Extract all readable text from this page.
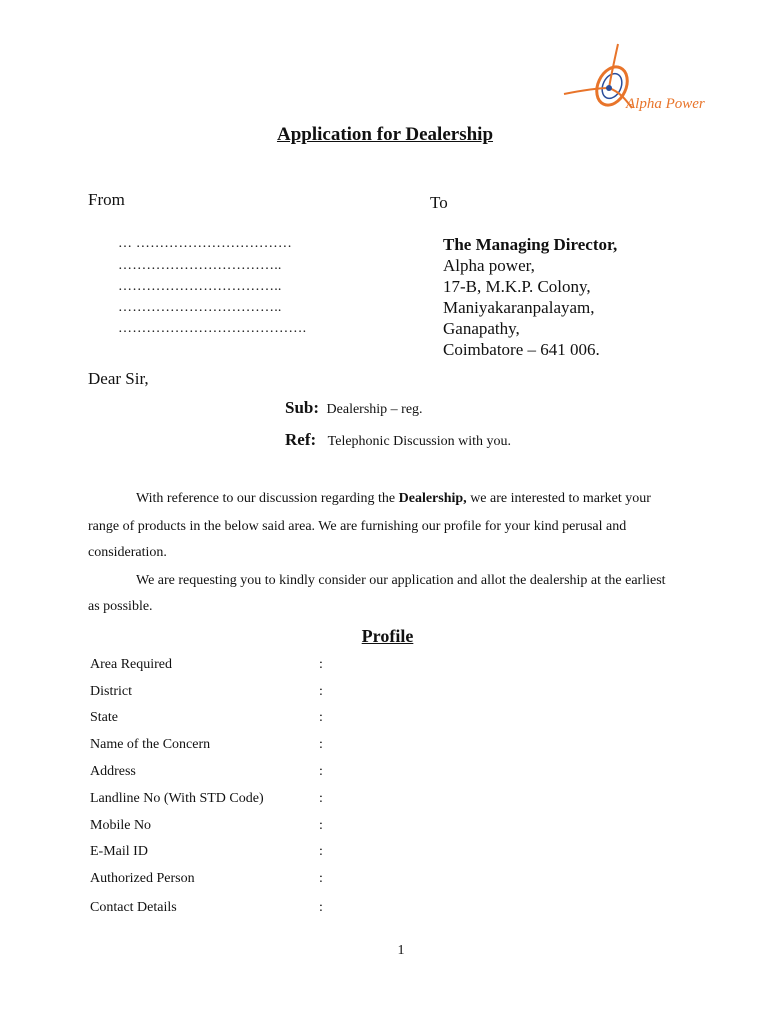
Alpha Power
Application for Dealership
From	To
… ……………………………
……………………………..
……………………………..
……………………………..
………………………………….
The Managing Director,
Alpha power,
17-B, M.K.P. Colony,
Maniyakaranpalayam,
Ganapathy,
Coimbatore – 641 006.
Dear Sir,
Sub: Dealership – reg.
Ref: Telephonic Discussion with you.
With reference to our discussion regarding the Dealership, we are interested to market your
range of products in the below said area. We are furnishing our profile for your kind perusal and
consideration.
We are requesting you to kindly consider our application and allot the dealership at the earliest
as possible.
Profile
Area Required	:
District	:
State	:
Name of the Concern	:
Address	:
Landline No (With STD Code)	:
Mobile No	:
E-Mail ID	:
Authorized Person	:
Contact Details	:
1
